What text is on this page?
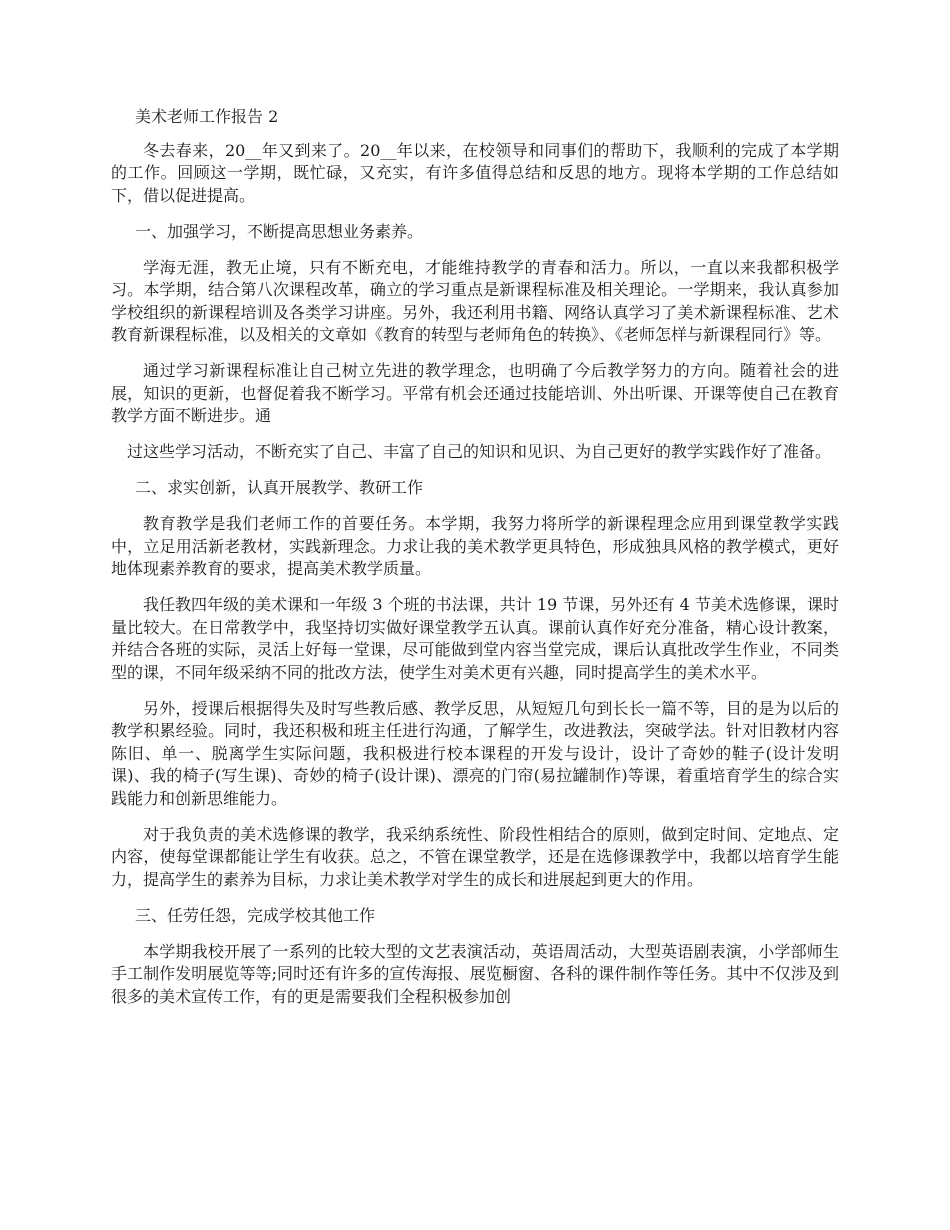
美术老师工作报告 2

冬去春来，20__年又到来了。20__年以来，在校领导和同事们的帮助下，我顺利的完成了本学期的工作。回顾这一学期，既忙碌，又充实，有许多值得总结和反思的地方。现将本学期的工作总结如下，借以促进提高。

一、加强学习，不断提高思想业务素养。

学海无涯，教无止境，只有不断充电，才能维持教学的青春和活力。所以，一直以来我都积极学习。本学期，结合第八次课程改革，确立的学习重点是新课程标准及相关理论。一学期来，我认真参加学校组织的新课程培训及各类学习讲座。另外，我还利用书籍、网络认真学习了美术新课程标准、艺术教育新课程标准，以及相关的文章如《教育的转型与老师角色的转换》、《老师怎样与新课程同行》等。

通过学习新课程标准让自己树立先进的教学理念，也明确了今后教学努力的方向。随着社会的进展，知识的更新，也督促着我不断学习。平常有机会还通过技能培训、外出听课、开课等使自己在教育教学方面不断进步。通

过这些学习活动，不断充实了自己、丰富了自己的知识和见识、为自己更好的教学实践作好了准备。

二、求实创新，认真开展教学、教研工作

教育教学是我们老师工作的首要任务。本学期，我努力将所学的新课程理念应用到课堂教学实践中，立足用活新老教材，实践新理念。力求让我的美术教学更具特色，形成独具风格的教学模式，更好地体现素养教育的要求，提高美术教学质量。

我任教四年级的美术课和一年级 3 个班的书法课，共计 19 节课，另外还有 4 节美术选修课，课时量比较大。在日常教学中，我坚持切实做好课堂教学五认真。课前认真作好充分准备，精心设计教案，并结合各班的实际，灵活上好每一堂课，尽可能做到堂内容当堂完成，课后认真批改学生作业，不同类型的课，不同年级采纳不同的批改方法，使学生对美术更有兴趣，同时提高学生的美术水平。

另外，授课后根据得失及时写些教后感、教学反思，从短短几句到长长一篇不等，目的是为以后的教学积累经验。同时，我还积极和班主任进行沟通，了解学生，改进教法，突破学法。针对旧教材内容陈旧、单一、脱离学生实际问题，我积极进行校本课程的开发与设计，设计了奇妙的鞋子(设计发明课)、我的椅子(写生课)、奇妙的椅子(设计课)、漂亮的门帘(易拉罐制作)等课，着重培育学生的综合实践能力和创新思维能力。

对于我负责的美术选修课的教学，我采纳系统性、阶段性相结合的原则，做到定时间、定地点、定内容，使每堂课都能让学生有收获。总之，不管在课堂教学，还是在选修课教学中，我都以培育学生能力，提高学生的素养为目标，力求让美术教学对学生的成长和进展起到更大的作用。

三、任劳任怨，完成学校其他工作

本学期我校开展了一系列的比较大型的文艺表演活动，英语周活动，大型英语剧表演，小学部师生手工制作发明展览等等;同时还有许多的宣传海报、展览橱窗、各科的课件制作等任务。其中不仅涉及到很多的美术宣传工作，有的更是需要我们全程积极参加创
